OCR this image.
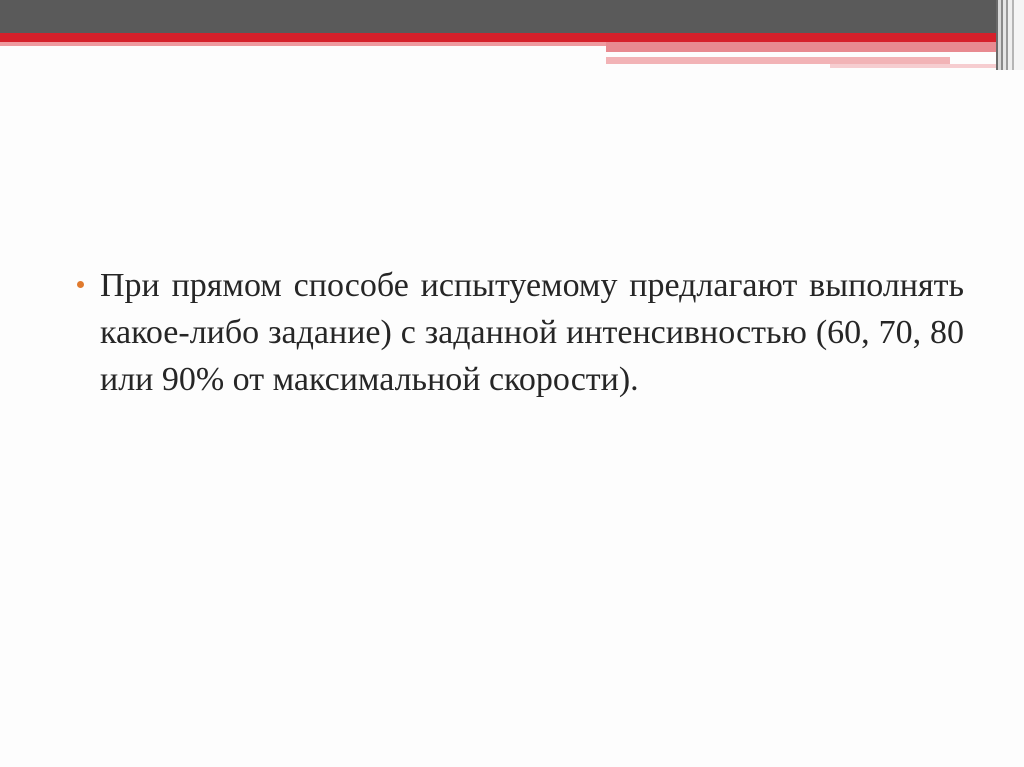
При прямом способе испытуемому предлагают выполнять какое-либо задание) с заданной интенсивностью (60, 70, 80 или 90% от максимальной скорости).
